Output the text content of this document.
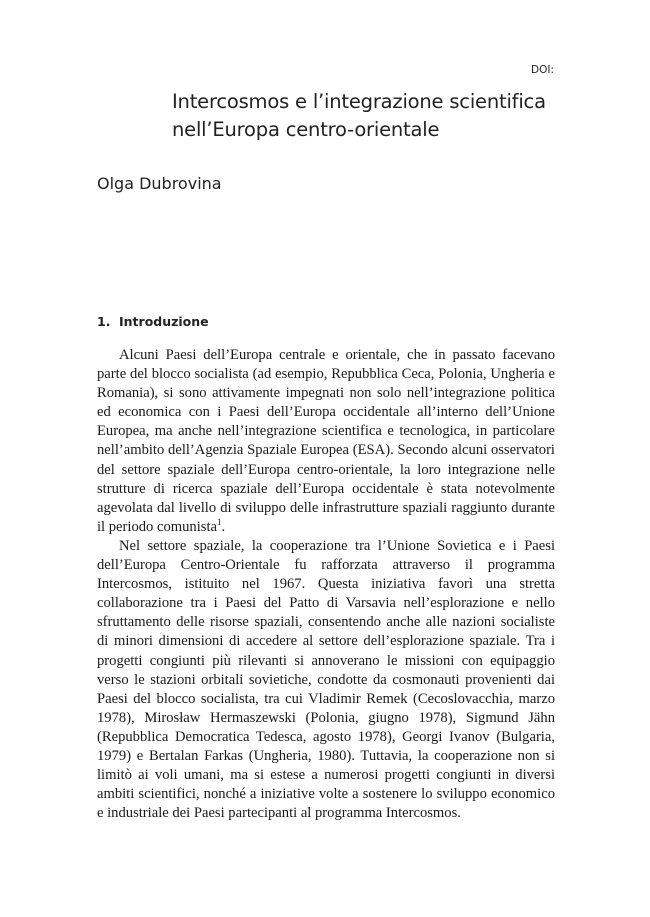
DOI:
Intercosmos e l’integrazione scientifica
nell’Europa centro-orientale

Olga Dubrovina

1. Introduzione

Alcuni Paesi dell’Europa centrale e orientale, che in passato facevano parte del blocco socialista (ad esempio, Repubblica Ceca, Polonia, Ungheria e Romania), si sono attivamente impegnati non solo nell’integrazione politica ed economica con i Paesi dell’Europa occidentale all’interno dell’Unione Europea, ma anche nell’integrazione scientifica e tecnologica, in particolare nell’ambito dell’Agenzia Spaziale Europea (ESA). Secondo alcuni osservatori del settore spaziale dell’Europa centro-orientale, la loro integrazione nelle strutture di ricerca spaziale dell’Europa occidentale è stata notevolmente agevolata dal livello di sviluppo delle infrastrutture spaziali raggiunto durante il periodo comunista$^1$.

Nel settore spaziale, la cooperazione tra l’Unione Sovietica e i Paesi dell’Europa Centro-Orientale fu rafforzata attraverso il programma Intercosmos, istituito nel 1967. Questa iniziativa favorì una stretta collaborazione tra i Paesi del Patto di Varsavia nell’esplorazione e nello sfruttamento delle risorse spaziali, consentendo anche alle nazioni socialiste di minori dimensioni di accedere al settore dell’esplorazione spaziale. Tra i progetti congiunti più rilevanti si annoverano le missioni con equipaggio verso le stazioni orbitali sovietiche, condotte da cosmonauti provenienti dai Paesi del blocco socialista, tra cui Vladimir Remek (Cecoslovacchia, marzo 1978), Mirosław Hermaszewski (Polonia, giugno 1978), Sigmund Jähn (Repubblica Democratica Tedesca, agosto 1978), Georgi Ivanov (Bulgaria, 1979) e Bertalan Farkas (Ungheria, 1980). Tuttavia, la cooperazione non si limitò ai voli umani, ma si estese a numerosi progetti congiunti in diversi ambiti scientifici, nonché a iniziative volte a sostenere lo sviluppo economico e industriale dei Paesi partecipanti al programma Intercosmos.
